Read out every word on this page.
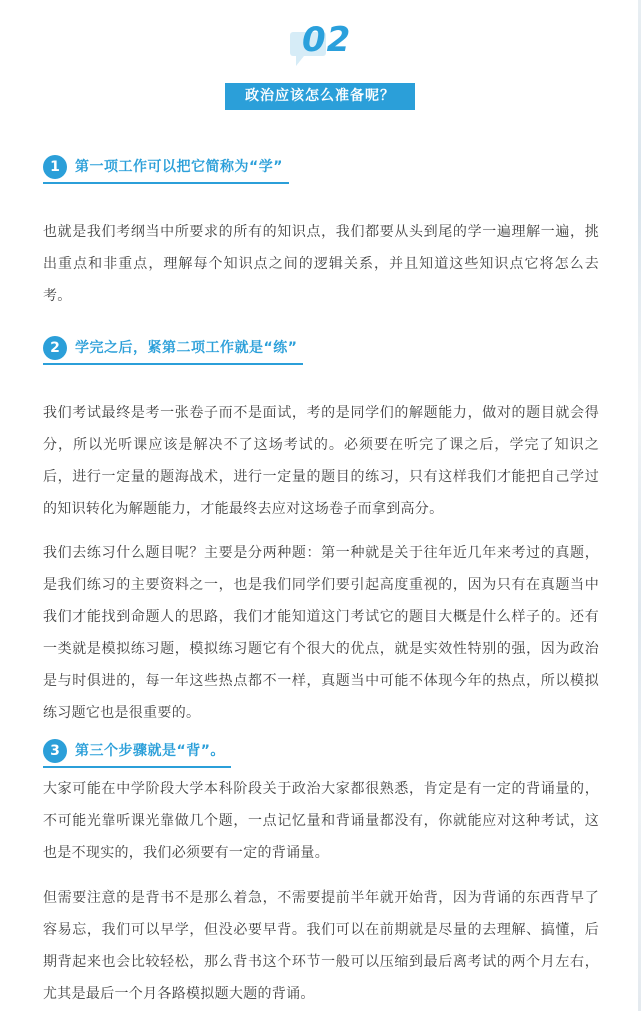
02
政治应该怎么准备呢？
1	第一项工作可以把它简称为“学”
也就是我们考纲当中所要求的所有的知识点，我们都要从头到尾的学一遍理解一遍，挑出重点和非重点，理解每个知识点之间的逻辑关系，并且知道这些知识点它将怎么去考。
2	学完之后，紧第二项工作就是“练”
我们考试最终是考一张卷子而不是面试，考的是同学们的解题能力，做对的题目就会得分，所以光听课应该是解决不了这场考试的。必须要在听完了课之后，学完了知识之后，进行一定量的题海战术，进行一定量的题目的练习，只有这样我们才能把自己学过的知识转化为解题能力，才能最终去应对这场卷子而拿到高分。
我们去练习什么题目呢？主要是分两种题：第一种就是关于往年近几年来考过的真题，是我们练习的主要资料之一，也是我们同学们要引起高度重视的，因为只有在真题当中我们才能找到命题人的思路，我们才能知道这门考试它的题目大概是什么样子的。还有一类就是模拟练习题，模拟练习题它有个很大的优点，就是实效性特别的强，因为政治是与时俱进的，每一年这些热点都不一样，真题当中可能不体现今年的热点，所以模拟练习题它也是很重要的。
3	第三个步骤就是“背”。
大家可能在中学阶段大学本科阶段关于政治大家都很熟悉，肯定是有一定的背诵量的，不可能光靠听课光靠做几个题，一点记忆量和背诵量都没有，你就能应对这种考试，这也是不现实的，我们必须要有一定的背诵量。
但需要注意的是背书不是那么着急，不需要提前半年就开始背，因为背诵的东西背早了容易忘，我们可以早学，但没必要早背。我们可以在前期就是尽量的去理解、搞懂，后期背起来也会比较轻松，那么背书这个环节一般可以压缩到最后离考试的两个月左右，尤其是最后一个月各路模拟题大题的背诵。
